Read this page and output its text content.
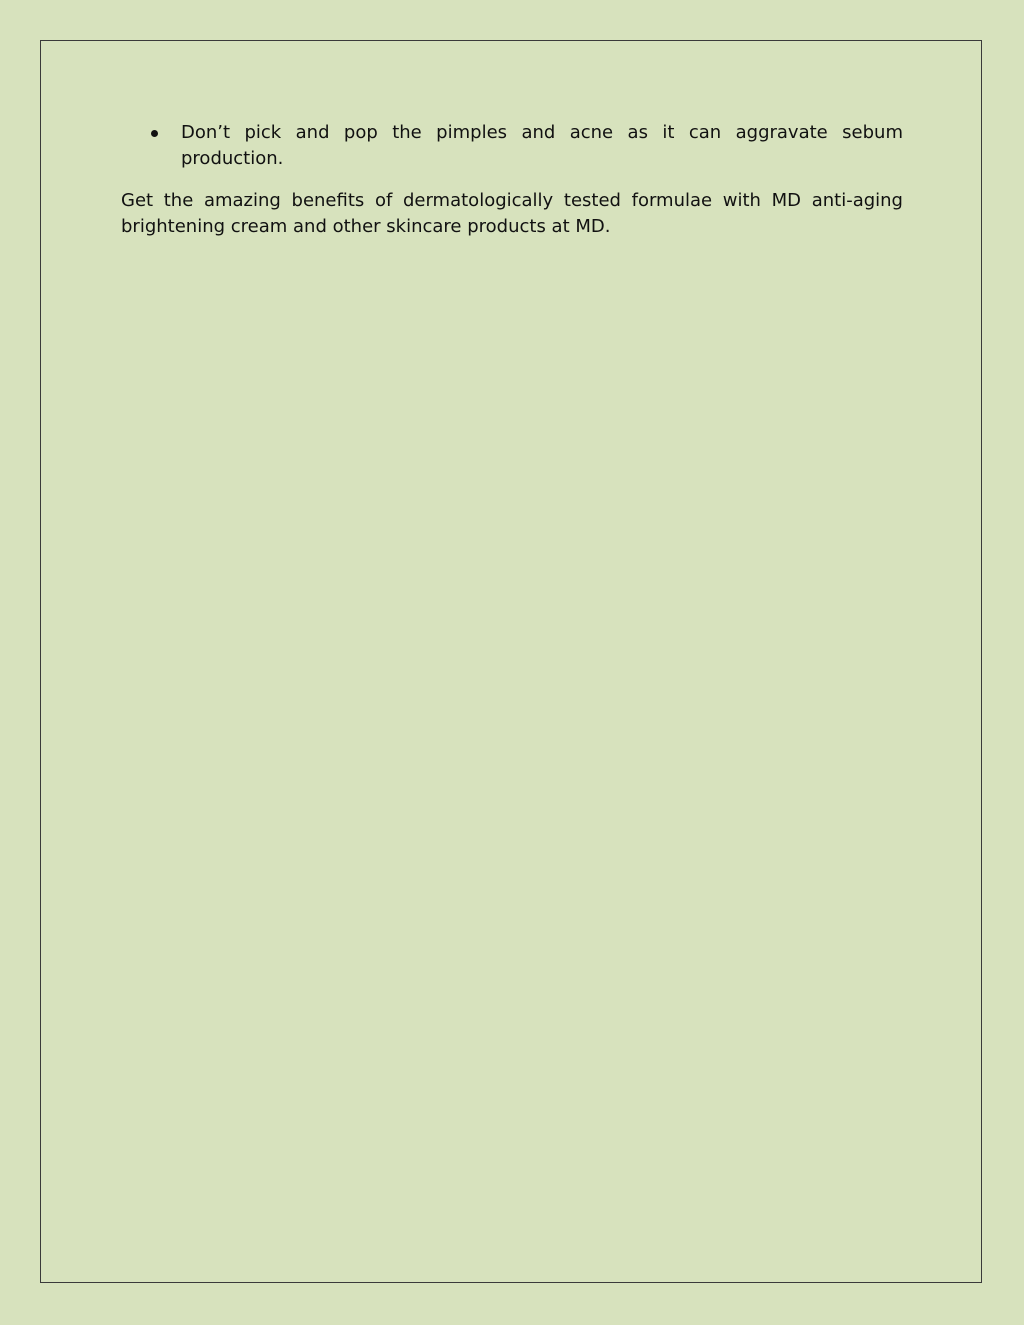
Don’t pick and pop the pimples and acne as it can aggravate sebum production.

Get the amazing benefits of dermatologically tested formulae with MD anti-aging brightening cream and other skincare products at MD.
